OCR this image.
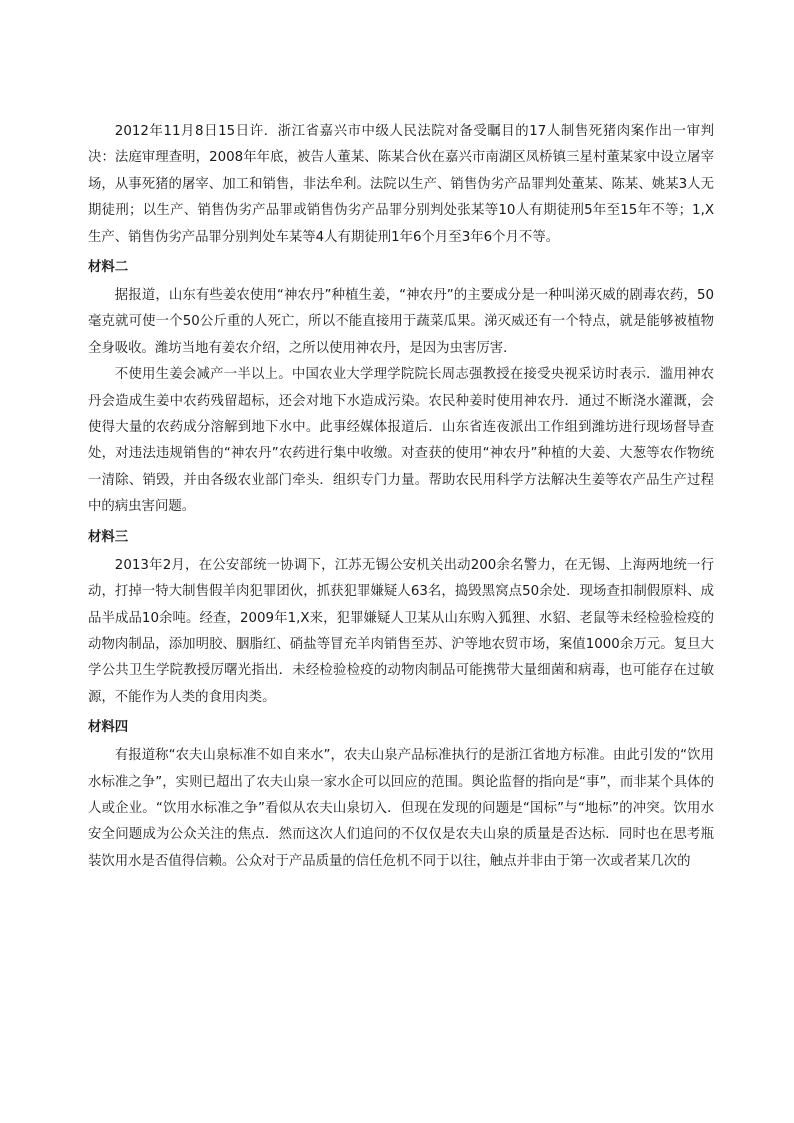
2012年11月8日15日许．浙江省嘉兴市中级人民法院对备受瞩目的17人制售死猪肉案作出一审判决：法庭审理查明，2008年年底，被告人董某、陈某合伙在嘉兴市南湖区凤桥镇三星村董某家中设立屠宰场，从事死猪的屠宰、加工和销售，非法牟利。法院以生产、销售伪劣产品罪判处董某、陈某、姚某3人无期徒刑；以生产、销售伪劣产品罪或销售伪劣产品罪分别判处张某等10人有期徒刑5年至15年不等；1,X生产、销售伪劣产品罪分别判处车某等4人有期徒刑1年6个月至3年6个月不等。

材料二

据报道，山东有些姜农使用“神农丹”种植生姜，“神农丹”的主要成分是一种叫涕灭威的剧毒农药，50毫克就可使一个50公斤重的人死亡，所以不能直接用于蔬菜瓜果。涕灭威还有一个特点，就是能够被植物全身吸收。潍坊当地有姜农介绍，之所以使用神农丹，是因为虫害厉害．

不使用生姜会减产一半以上。中国农业大学理学院院长周志强教授在接受央视采访时表示．滥用神农丹会造成生姜中农药残留超标，还会对地下水造成污染。农民种姜时使用神农丹．通过不断浇水灌溉，会使得大量的农药成分溶解到地下水中。此事经媒体报道后．山东省连夜派出工作组到潍坊进行现场督导查处，对违法违规销售的“神农丹”农药进行集中收缴。对查获的使用“神农丹”种植的大姜、大葱等农作物统一清除、销毁，并由各级农业部门牵头．组织专门力量。帮助农民用科学方法解决生姜等农产品生产过程中的病虫害问题。

材料三

2013年2月，在公安部统一协调下，江苏无锡公安机关出动200余名警力，在无锡、上海两地统一行动，打掉一特大制售假羊肉犯罪团伙，抓获犯罪嫌疑人63名，捣毁黑窝点50余处．现场查扣制假原料、成品半成品10余吨。经查，2009年1,X来，犯罪嫌疑人卫某从山东购入狐狸、水貂、老鼠等未经检验检疫的动物肉制品，添加明胶、胭脂红、硝盐等冒充羊肉销售至苏、沪等地农贸市场，案值1000余万元。复旦大学公共卫生学院教授厉曙光指出．未经检验检疫的动物肉制品可能携带大量细菌和病毒，也可能存在过敏源，不能作为人类的食用肉类。

材料四

有报道称“农夫山泉标准不如自来水”，农夫山泉产品标准执行的是浙江省地方标准。由此引发的“饮用水标准之争”，实则已超出了农夫山泉一家水企可以回应的范围。舆论监督的指向是“事”，而非某个具体的人或企业。“饮用水标准之争”看似从农夫山泉切入．但现在发现的问题是“国标”与“地标”的冲突。饮用水安全问题成为公众关注的焦点．然而这次人们追问的不仅仅是农夫山泉的质量是否达标．同时也在思考瓶装饮用水是否值得信赖。公众对于产品质量的信任危机不同于以往，触点并非由于第一次或者某几次的
